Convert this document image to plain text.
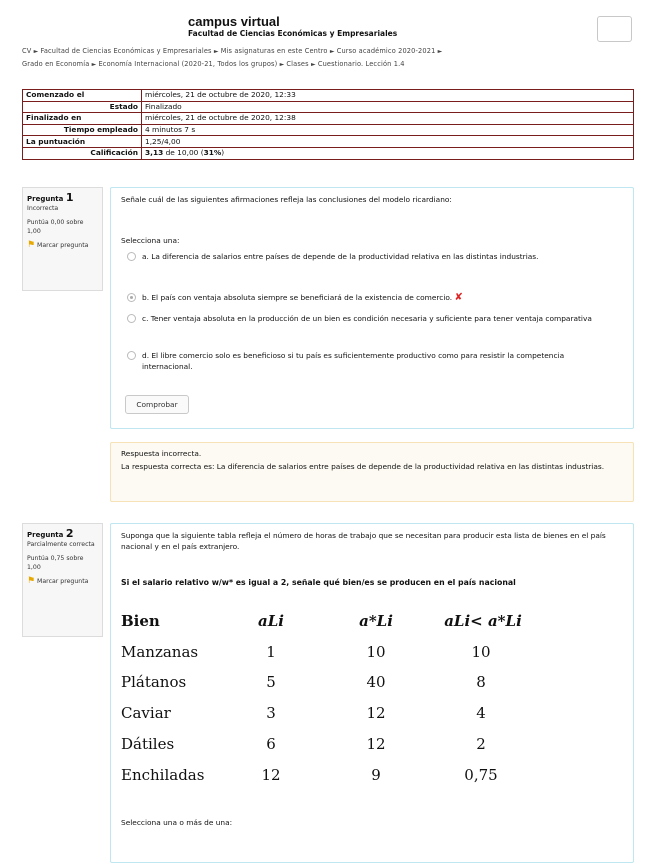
campus virtual
Facultad de Ciencias Económicas y Empresariales
CV ► Facultad de Ciencias Económicas y Empresariales ► Mis asignaturas en este Centro ► Curso académico 2020-2021 ►
Grado en Economía ► Economía Internacional (2020-21, Todos los grupos) ► Clases ► Cuestionario. Lección 1.4
Comenzado el	miércoles, 21 de octubre de 2020, 12:33
Estado	Finalizado
Finalizado en	miércoles, 21 de octubre de 2020, 12:38
Tiempo empleado	4 minutos 7 s
La puntuación	1,25/4,00
Calificación	3,13 de 10,00 (31%)
Pregunta 1
Incorrecta
Puntúa 0,00 sobre 1,00
⚑ Marcar pregunta
Señale cuál de las siguientes afirmaciones refleja las conclusiones del modelo ricardiano:
Selecciona una:
a. La diferencia de salarios entre países de depende de la productividad relativa en las distintas industrias.
b. El país con ventaja absoluta siempre se beneficiará de la existencia de comercio. ✘
c. Tener ventaja absoluta en la producción de un bien es condición necesaria y suficiente para tener ventaja comparativa
d. El libre comercio solo es beneficioso si tu país es suficientemente productivo como para resistir la competencia internacional.
Comprobar
Respuesta incorrecta.
La respuesta correcta es: La diferencia de salarios entre países de depende de la productividad relativa en las distintas industrias.
Pregunta 2
Parcialmente correcta
Puntúa 0,75 sobre 1,00
⚑ Marcar pregunta
Suponga que la siguiente tabla refleja el número de horas de trabajo que se necesitan para producir esta lista de bienes en el país nacional y en el país extranjero.
Si el salario relativo w/w* es igual a 2, señale qué bien/es se producen en el país nacional
Bien	aLi	a*Li	aLi< a*Li
Manzanas	1	10	10
Plátanos	5	40	8
Caviar	3	12	4
Dátiles	6	12	2
Enchiladas	12	9	0,75
Selecciona una o más de una:
